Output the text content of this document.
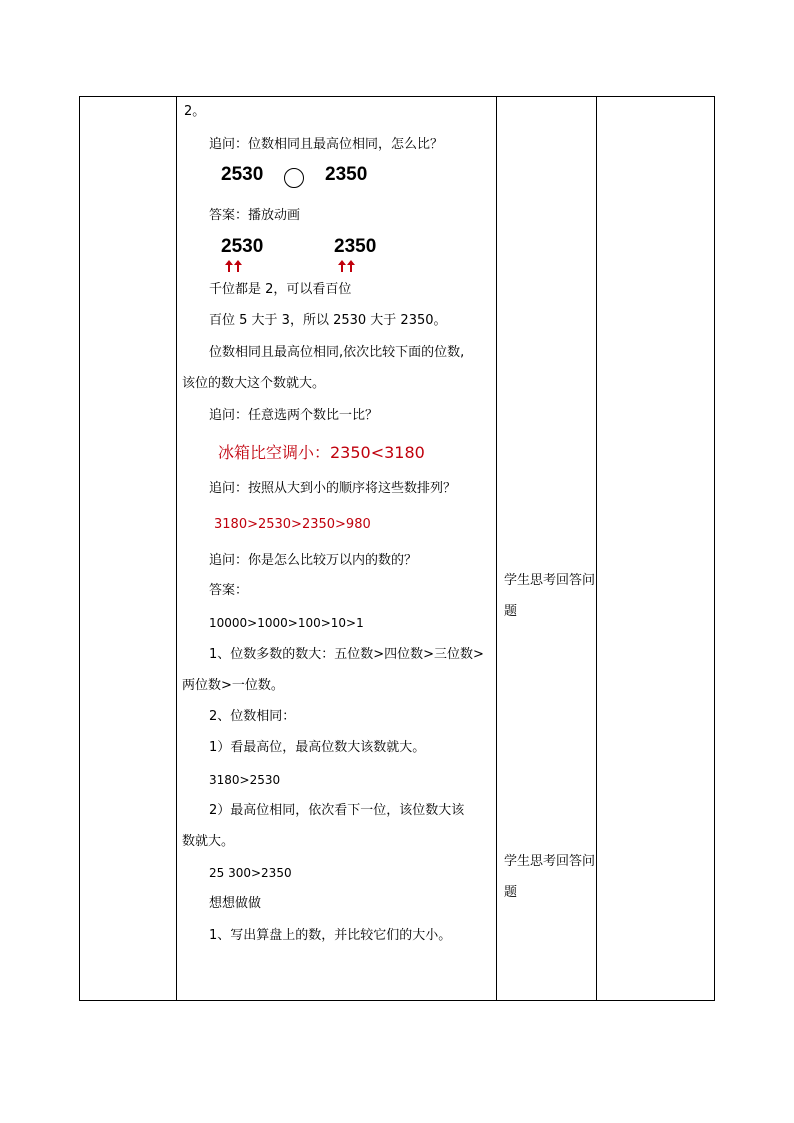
2。
追问：位数相同且最高位相同，怎么比？
2530	2350
答案：播放动画
2530	2350
千位都是 2，可以看百位
百位 5 大于 3，所以 2530 大于 2350。
位数相同且最高位相同,依次比较下面的位数,
该位的数大这个数就大。
追问：任意选两个数比一比？
冰箱比空调小：2350<3180
追问：按照从大到小的顺序将这些数排列？
3180>2530>2350>980
追问：你是怎么比较万以内的数的？
答案：
10000>1000>100>10>1
1、位数多数的数大：五位数>四位数>三位数>
两位数>一位数。
2、位数相同：
1）看最高位，最高位数大该数就大。
3180>2530
2）最高位相同，依次看下一位，该位数大该
数就大。
25 300>2350
想想做做
1、写出算盘上的数，并比较它们的大小。
学生思考回答问题
学生思考回答问题
